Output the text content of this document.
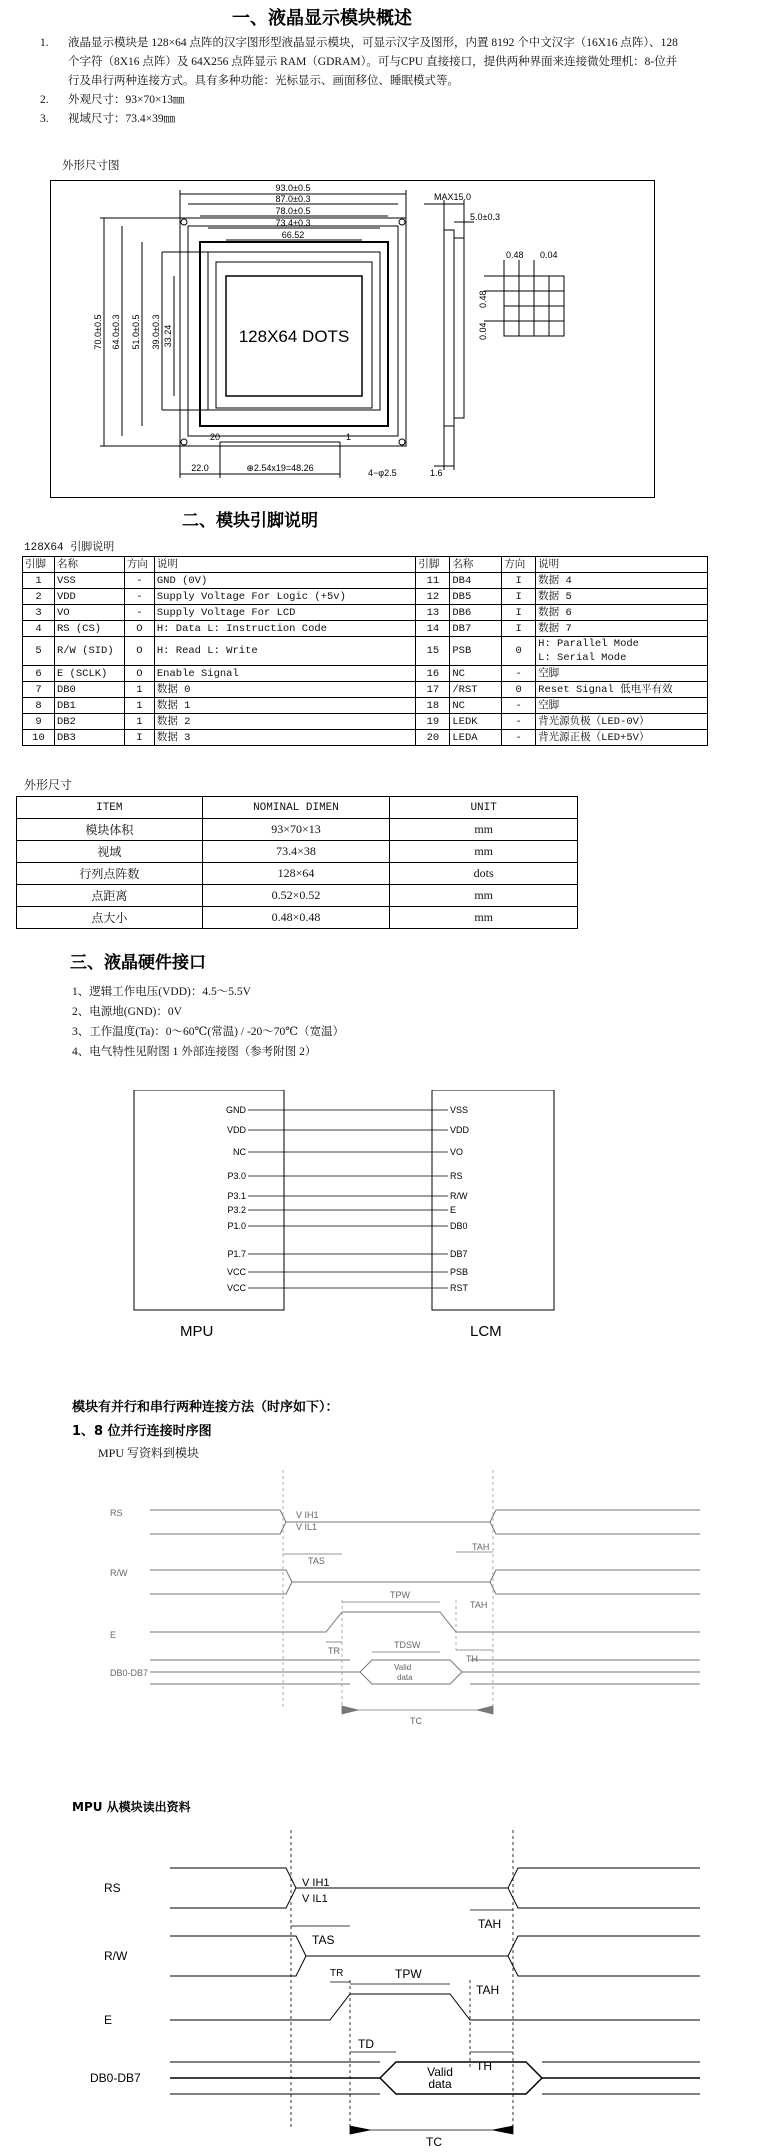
一、液晶显示模块概述
1.	液晶显示模块是 128×64 点阵的汉字图形型液晶显示模块，可显示汉字及图形，内置 8192 个中文汉字（16X16 点阵）、128 个字符（8X16 点阵）及 64X256 点阵显示 RAM（GDRAM）。可与CPU 直接接口，提供两种界面来连接微处理机：8-位并行及串行两种连接方式。具有多种功能：光标显示、画面移位、睡眠模式等。
2.	外观尺寸：93×70×13㎜
3.	视域尺寸：73.4×39㎜
外形尺寸图
93.0±0.5
87.0±0.3
78.0±0.5
73.4±0.3
66.52
70.0±0.5 64.0±0.3 51.0±0.5 39.0±0.3 33.24	128X64 DOTS
22.0	⊕2.54x19=48.26
20	1
4−φ2.5
MAX15.0
5.0±0.3
1.6
0.48 0.04
0.48
0.04
二、模块引脚说明
128X64 引脚说明
引脚	名称	方向	说明	引脚	名称	方向	说明
1	VSS	-	GND (0V)	11	DB4	I	数据 4
2	VDD	-	Supply Voltage For Logic (+5v)	12	DB5	I	数据 5
3	VO	-	Supply Voltage For LCD	13	DB6	I	数据 6
4	RS (CS)	O	H: Data L: Instruction Code	14	DB7	I	数据 7
5	R/W (SID)	O	H: Read L: Write	15	PSB	0	H: Parallel Mode
L: Serial Mode

6	E (SCLK)	O	Enable Signal	16	NC	-	空脚
7	DB0	1	数据 0	17	/RST	0	Reset Signal 低电平有效
8	DB1	1	数据 1	18	NC	-	空脚
9	DB2	1	数据 2	19	LEDK	-	背光源负极（LED-0V）
10	DB3	I	数据 3	20	LEDA	-	背光源正极（LED+5V）
外形尺寸
ITEM	NOMINAL DIMEN	UNIT
模块体积	93×70×13	mm
视域	73.4×38	mm
行列点阵数	128×64	dots
点距离	0.52×0.52	mm
点大小	0.48×0.48	mm
三、液晶硬件接口
1、逻辑工作电压(VDD)：4.5～5.5V
2、电源地(GND)：0V
3、工作温度(Ta)：0～60℃(常温) / -20～70℃（宽温）
4、电气特性见附图 1 外部连接图（参考附图 2）
GND	VSS
VDD	VDD
NC	VO
P3.0	RS
P3.1	R/W
P3.2	E
P1.0	DB0
P1.7	DB7
VCC	PSB
VCC	RST
MPU	LCM
模块有并行和串行两种连接方法（时序如下）：
1、8 位并行连接时序图
MPU 写资料到模块
RS
R/W
E
DB0-DB7
V IH1
V IL1
TAS
TPW
TR
TDSW
TH
TAH
TAH
TC
Valid
data
MPU 从模块读出资料
RS
R/W
E
DB0-DB7
V IH1
V IL1
TAS
TPW
TR
TD
TH
TAH
TAH
TC
Valid
data
